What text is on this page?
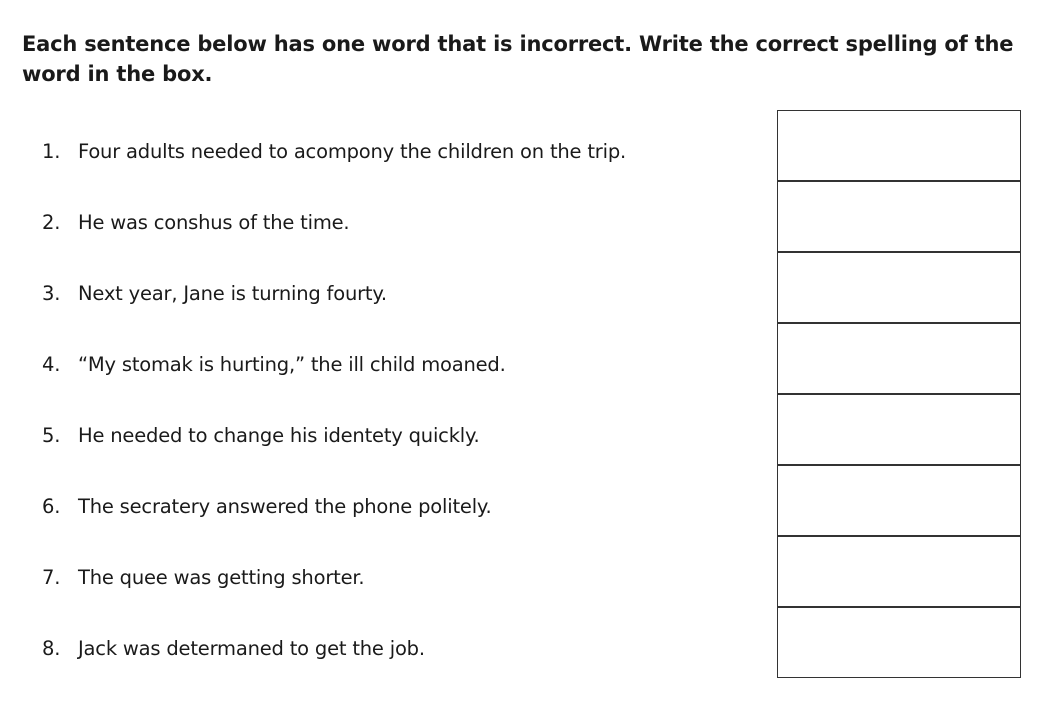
Each sentence below has one word that is incorrect. Write the correct spelling of the word in the box.

1. Four adults needed to acompony the children on the trip.
2. He was conshus of the time.
3. Next year, Jane is turning fourty.
4. “My stomak is hurting,” the ill child moaned.
5. He needed to change his identety quickly.
6. The secratery answered the phone politely.
7. The quee was getting shorter.
8. Jack was determaned to get the job.
